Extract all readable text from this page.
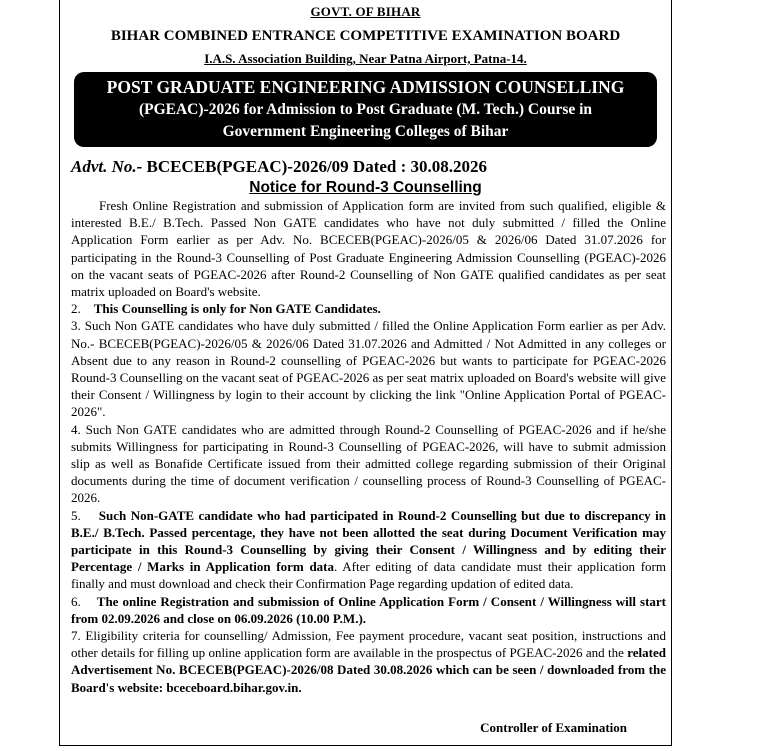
GOVT. OF BIHAR
BIHAR COMBINED ENTRANCE COMPETITIVE EXAMINATION BOARD
I.A.S. Association Building, Near Patna Airport, Patna-14.
POST GRADUATE ENGINEERING ADMISSION COUNSELLING
(PGEAC)-2026 for Admission to Post Graduate (M. Tech.) Course in
Government Engineering Colleges of Bihar
Advt. No.- BCECEB(PGEAC)-2026/09 Dated : 30.08.2026
Notice for Round-3 Counselling

Fresh Online Registration and submission of Application form are invited from such qualified, eligible & interested B.E./ B.Tech. Passed Non GATE candidates who have not duly submitted / filled the Online Application Form earlier as per Adv. No. BCECEB(PGEAC)-2026/05 & 2026/06 Dated 31.07.2026 for participating in the Round-3 Counselling of Post Graduate Engineering Admission Counselling (PGEAC)-2026 on the vacant seats of PGEAC-2026 after Round-2 Counselling of Non GATE qualified candidates as per seat matrix uploaded on Board's website.

2. This Counselling is only for Non GATE Candidates.

3. Such Non GATE candidates who have duly submitted / filled the Online Application Form earlier as per Adv. No.- BCECEB(PGEAC)-2026/05 & 2026/06 Dated 31.07.2026 and Admitted / Not Admitted in any colleges or Absent due to any reason in Round-2 counselling of PGEAC-2026 but wants to participate for PGEAC-2026 Round-3 Counselling on the vacant seat of PGEAC-2026 as per seat matrix uploaded on Board's website will give their Consent / Willingness by login to their account by clicking the link "Online Application Portal of PGEAC-2026".

4. Such Non GATE candidates who are admitted through Round-2 Counselling of PGEAC-2026 and if he/she submits Willingness for participating in Round-3 Counselling of PGEAC-2026, will have to submit admission slip as well as Bonafide Certificate issued from their admitted college regarding submission of their Original documents during the time of document verification / counselling process of Round-3 Counselling of PGEAC-2026.

5. Such Non-GATE candidate who had participated in Round-2 Counselling but due to discrepancy in B.E./ B.Tech. Passed percentage, they have not been allotted the seat during Document Verification may participate in this Round-3 Counselling by giving their Consent / Willingness and by editing their Percentage / Marks in Application form data. After editing of data candidate must their application form finally and must download and check their Confirmation Page regarding updation of edited data.

6. The online Registration and submission of Online Application Form / Consent / Willingness will start from 02.09.2026 and close on 06.09.2026 (10.00 P.M.).

7. Eligibility criteria for counselling/ Admission, Fee payment procedure, vacant seat position, instructions and other details for filling up online application form are available in the prospectus of PGEAC-2026 and the related Advertisement No. BCECEB(PGEAC)-2026/08 Dated 30.08.2026 which can be seen / downloaded from the Board's website: bceceboard.bihar.gov.in.

Controller of Examination
